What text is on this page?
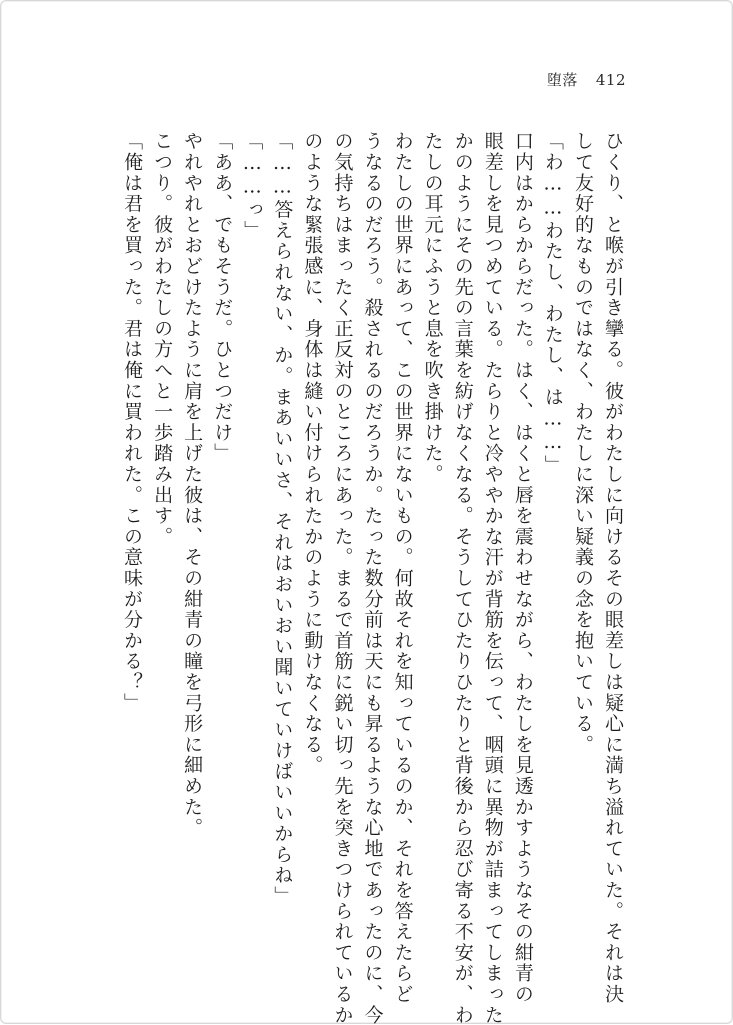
堕落 412
ひくり、と喉が引き攣る。彼がわたしに向けるその眼差しは疑心に満ち溢れていた。それは決
して友好的なものではなく、わたしに深い疑義の念を抱いている。
「わ……わたし、わたし、は……」
口内はからからだった。はく、はくと唇を震わせながら、わたしを見透かすようなその紺青の
眼差しを見つめている。たらりと冷ややかな汗が背筋を伝って、咽頭に異物が詰まってしまった
かのようにその先の言葉を紡げなくなる。そうしてひたりひたりと背後から忍び寄る不安が、わ
たしの耳元にふうと息を吹き掛けた。
わたしの世界にあって、この世界にないもの。何故それを知っているのか、それを答えたらど
うなるのだろう。殺されるのだろうか。たった数分前は天にも昇るような心地であったのに、今
の気持ちはまったく正反対のところにあった。まるで首筋に鋭い切っ先を突きつけられているか
のような緊張感に、身体は縫い付けられたかのように動けなくなる。
「……答えられない、か。まあいいさ、それはおいおい聞いていけばいいからね」
「……っ」
「ああ、でもそうだ。ひとつだけ」
やれやれとおどけたように肩を上げた彼は、その紺青の瞳を弓形に細めた。
こつり。彼がわたしの方へと一歩踏み出す。
「俺は君を買った。君は俺に買われた。この意味が分かる？」
